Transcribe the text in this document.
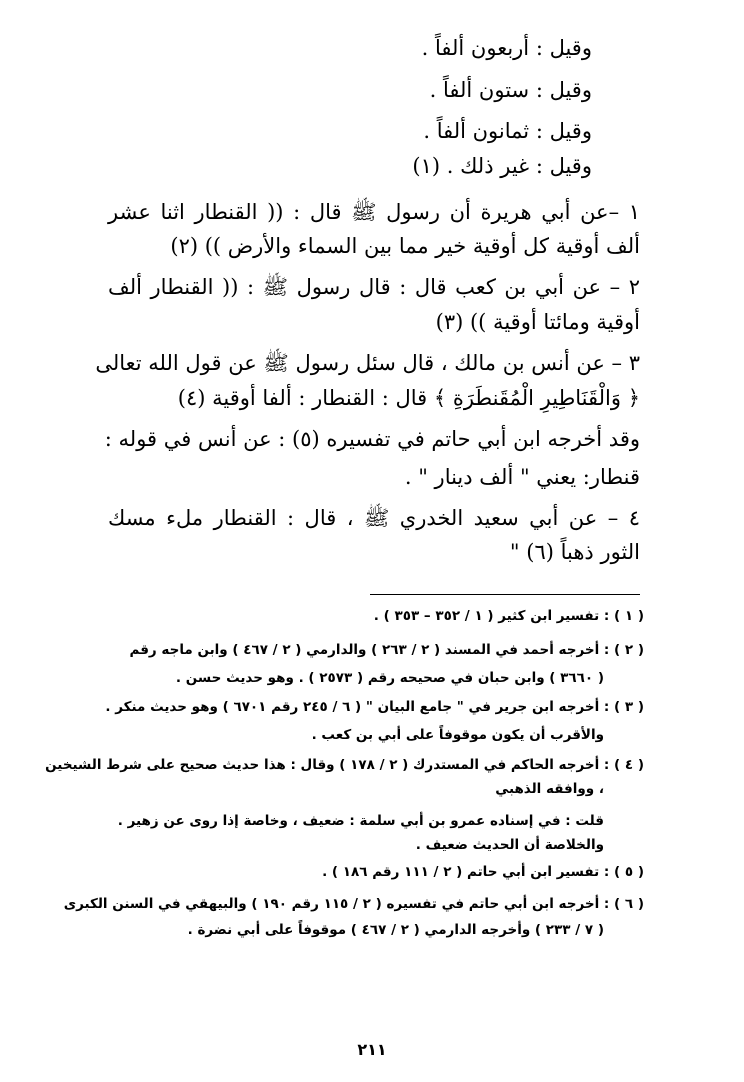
وقيل : أربعون ألفاً .
وقيل : ستون ألفاً .
وقيل : ثمانون ألفاً .
وقيل : غير ذلك . (١)
١ –عن أبي هريرة أن رسول ﷺ قال : (( القنطار اثنا عشر
ألف أوقية كل أوقية خير مما بين السماء والأرض )) (٢)
٢ – عن أبي بن كعب قال : قال رسول ﷺ : (( القنطار ألف
أوقية ومائتا أوقية )) (٣)
٣ – عن أنس بن مالك ، قال سئل رسول ﷺ عن قول الله تعالى
﴿ وَالْقَنَاطِيرِ الْمُقَنطَرَةِ ﴾ قال : القنطار : ألفا أوقية (٤)
وقد أخرجه ابن أبي حاتم في تفسيره (٥) : عن أنس في قوله :
قنطار: يعني " ألف دينار " .
٤ – عن أبي سعيد الخدري ﷺ ، قال : القنطار ملء مسك
الثور ذهباً (٦) "
( ١ ) : تفسير ابن كثير ( ١ / ٣٥٢ – ٣٥٣ ) .
( ٢ ) : أخرجه أحمد في المسند ( ٢ / ٢٦٣ ) والدارمي ( ٢ / ٤٦٧ ) وابن ماجه رقم
( ٣٦٦٠ ) وابن حبان في صحيحه رقم ( ٢٥٧٣ ) . وهو حديث حسن .
( ٣ ) : أخرجه ابن جرير في " جامع البيان " ( ٦ / ٢٤٥ رقم ٦٧٠١ ) وهو حديث منكر .
والأقرب أن يكون موقوفاً على أبي بن كعب .
( ٤ ) : أخرجه الحاكم في المستدرك ( ٢ / ١٧٨ ) وقال : هذا حديث صحيح على شرط الشيخين
، ووافقه الذهبي
قلت : في إسناده عمرو بن أبي سلمة : ضعيف ، وخاصة إذا روى عن زهير .
والخلاصة أن الحديث ضعيف .
( ٥ ) : تفسير ابن أبي حاتم ( ٢ / ١١١ رقم ١٨٦ ) .
( ٦ ) : أخرجه ابن أبي حاتم في تفسيره ( ٢ / ١١٥ رقم ١٩٠ ) والبيهقي في السنن الكبرى
( ٧ / ٢٣٣ ) وأخرجه الدارمي ( ٢ / ٤٦٧ ) موقوفاً على أبي نضرة .
٢١١
